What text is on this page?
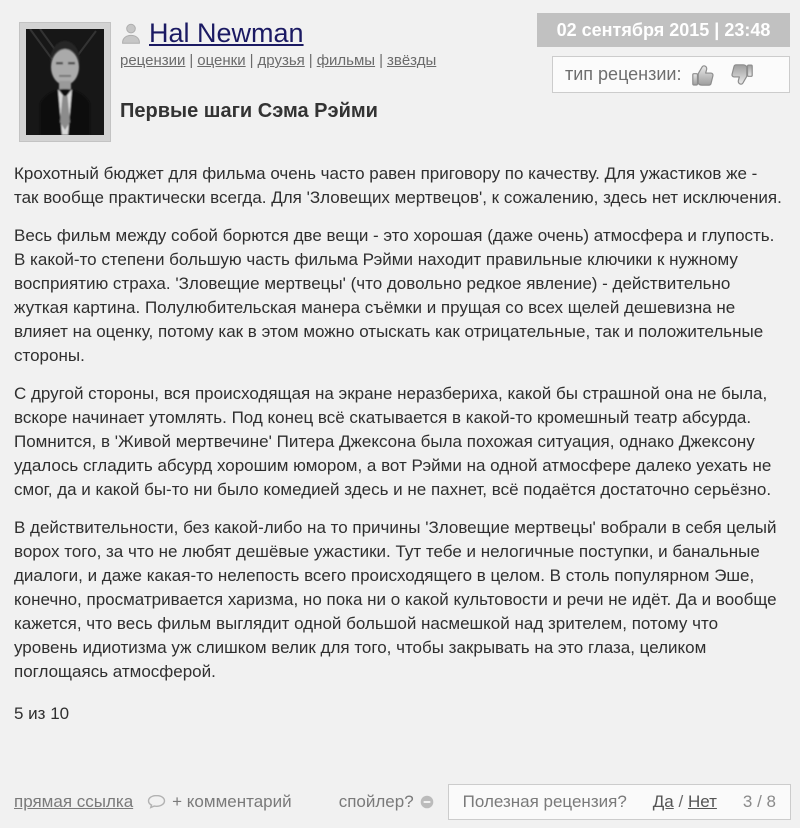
Hal Newman
рецензии | оценки | друзья | фильмы | звёзды
Первые шаги Сэма Рэйми
02 сентября 2015 | 23:48
тип рецензии:

Крохотный бюджет для фильма очень часто равен приговору по качеству. Для ужастиков же - так вообще практически всегда. Для 'Зловещих мертвецов', к сожалению, здесь нет исключения.

Весь фильм между собой борются две вещи - это хорошая (даже очень) атмосфера и глупость. В какой-то степени большую часть фильма Рэйми находит правильные ключики к нужному восприятию страха. 'Зловещие мертвецы' (что довольно редкое явление) - действительно жуткая картина. Полулюбительская манера съёмки и прущая со всех щелей дешевизна не влияет на оценку, потому как в этом можно отыскать как отрицательные, так и положительные стороны.

С другой стороны, вся происходящая на экране неразбериха, какой бы страшной она не была, вскоре начинает утомлять. Под конец всё скатывается в какой-то кромешный театр абсурда. Помнится, в 'Живой мертвечине' Питера Джексона была похожая ситуация, однако Джексону удалось сгладить абсурд хорошим юмором, а вот Рэйми на одной атмосфере далеко уехать не смог, да и какой бы-то ни было комедией здесь и не пахнет, всё подаётся достаточно серьёзно.

В действительности, без какой-либо на то причины 'Зловещие мертвецы' вобрали в себя целый ворох того, за что не любят дешёвые ужастики. Тут тебе и нелогичные поступки, и банальные диалоги, и даже какая-то нелепость всего происходящего в целом. В столь популярном Эше, конечно, просматривается харизма, но пока ни о какой культовости и речи не идёт. Да и вообще кажется, что весь фильм выглядит одной большой насмешкой над зрителем, потому что уровень идиотизма уж слишком велик для того, чтобы закрывать на это глаза, целиком поглощаясь атмосферой.

5 из 10
прямая ссылка + комментарий	спойлер?	Полезная рецензия? Да / Нет 3 / 8
